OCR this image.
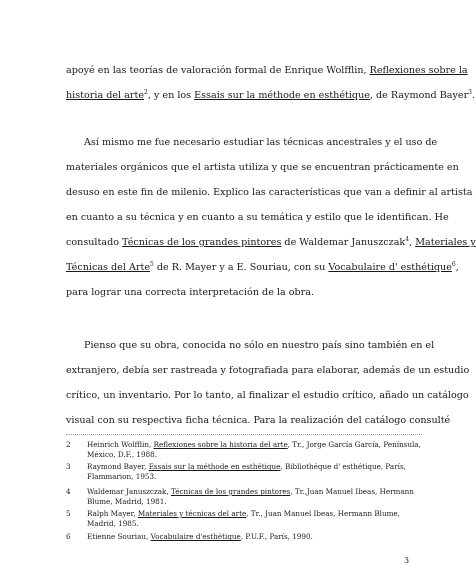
apoyé en las teorías de valoración formal de Enrique Wolfflin, Reflexiones sobre la
historia del arte$^2$, y en los Essais sur la méthode en esthétique, de Raymond Bayer$^3$.
Así mismo me fue necesario estudiar las técnicas ancestrales y el uso de
materiales orgánicos que el artista utiliza y que se encuentran prácticamente en
desuso en este fin de milenio. Explico las características que van a definir al artista
en cuanto a su técnica y en cuanto a su temática y estilo que le identifican. He
consultado Técnicas de los grandes pintores de Waldemar Januszczak$^4$, Materiales y
Técnicas del Arte$^5$ de R. Mayer y a E. Souriau, con su Vocabulaire d' esthétique$^6$,
para lograr una correcta interpretación de la obra.
Pienso que su obra, conocida no sólo en nuestro país sino también en el
extranjero, debía ser rastreada y fotografiada para elaborar, además de un estudio
crítico, un inventario. Por lo tanto, al finalizar el estudio crítico, añado un catálogo
visual con su respectiva ficha técnica. Para la realización del catálogo consulté
2	Heinrich Wolfflin, Reflexiones sobre la historia del arte, Tr., Jorge García García, Península, México, D.F., 1988.
3	Raymond Bayer, Essais sur la méthode en esthétique, Bibliothéque d' esthétique, París, Flammarion, 1953.
4	Waldemar Januszczak, Técnicas de los grandes pintores, Tr.,Juan Manuel Ibeas, Hermann Blume, Madrid, 1981.
5	Ralph Mayer, Materiales y técnicas del arte, Tr., Juan Manuel Ibeas, Hermann Blume, Madrid, 1985.
6	Etienne Souriau, Vocabulaire d'esthétique, P.U.F., París, 1990.
3
